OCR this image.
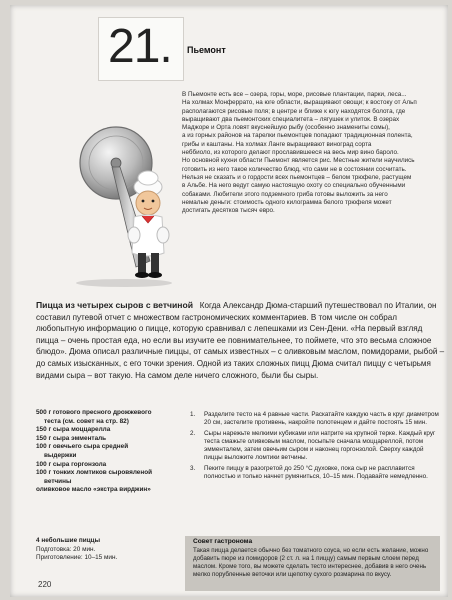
21. Пьемонт
В Пьемонте есть все – озера, горы, море, рисовые плантации, парки, леса...
На холмах Монферрато, на юге области, выращивают овощи; к востоку от Альп
располагаются рисовые поля; в центре и ближе к югу находятся болота, где
выращивают два пьемонтских специалитета – лягушек и улиток. В озерах
Маджоре и Орта ловят вкуснейшую рыбу (особенно знамениты сомы),
а из горных районов на тарелки пьемонтцев попадают традиционная полента,
грибы и каштаны. На холмах Ланге выращивают виноград сорта
неббиоло, из которого делают прославившееся на весь мир вино бароло.
Но основной кухни области Пьемонт является рис. Местные жители научились
готовить из него такое количество блюд, что сами не в состоянии сосчитать.
Нельзя не сказать и о гордости всех пьемонтцев – белом трюфеле, растущем
в Альбе. На него ведут самую настоящую охоту со специально обученными
собаками. Любители этого подземного гриба готовы выложить за него
немалые деньги: стоимость одного килограмма белого трюфеля может
достигать десятков тысяч евро.
Пицца из четырех сыров с ветчиной Когда Александр Дюма-старший путешествовал по Италии, он составил путевой отчет с множеством гастрономических комментариев. В том числе он собрал любопытную информацию о пицце, которую сравнивал с лепешками из Сен-Дени. «На первый взгляд пицца – очень простая еда, но если вы изучите ее повнимательнее, то поймете, что это весьма сложное блюдо». Дюма описал различные пиццы, от самых известных – с оливковым маслом, помидорами, рыбой – до самых изысканных, с его точки зрения. Одной из таких сложных пицц Дюма считал пиццу с четырьмя видами сыра – вот такую. На самом деле ничего сложного, были бы сыры.
500 г готового пресного дрожжевого
теста (см. совет на стр. 82)
150 г сыра моццарелла
150 г сыра эмменталь
100 г овечьего сыра средней
выдержки
100 г сыра горгонзола
100 г тонких ломтиков сыровяленой
ветчины
оливковое масло «экстра вирджин»
4 небольшие пиццы
Подготовка: 20 мин.
Приготовление: 10–15 мин.
1.	Разделите тесто на 4 равные части. Раскатайте каждую часть в круг диаметром 20 см, застелите противень, накройте полотенцем и дайте постоять 15 мин.
2.	Сыры нарежьте мелкими кубиками или натрите на крупной терке. Каждый круг теста смажьте оливковым маслом, посыпьте сначала моццареллой, потом эмменталем, затем овечьим сыром и наконец горгонзолой. Сверху каждой пиццы выложите ломтики ветчины.
3.	Пеките пиццу в разогретой до 250 °С духовке, пока сыр не расплавится полностью и только начнет румяниться, 10–15 мин. Подавайте немедленно.
Совет гастронома
Такая пицца делается обычно без томатного соуса, но если есть желание, можно добавить пюре из помидоров (2 ст. л. на 1 пиццу) самым первым слоем перед маслом. Кроме того, вы можете сделать тесто интереснее, добавив в него очень мелко порубленные веточки или щепотку сухого розмарина по вкусу.
220
